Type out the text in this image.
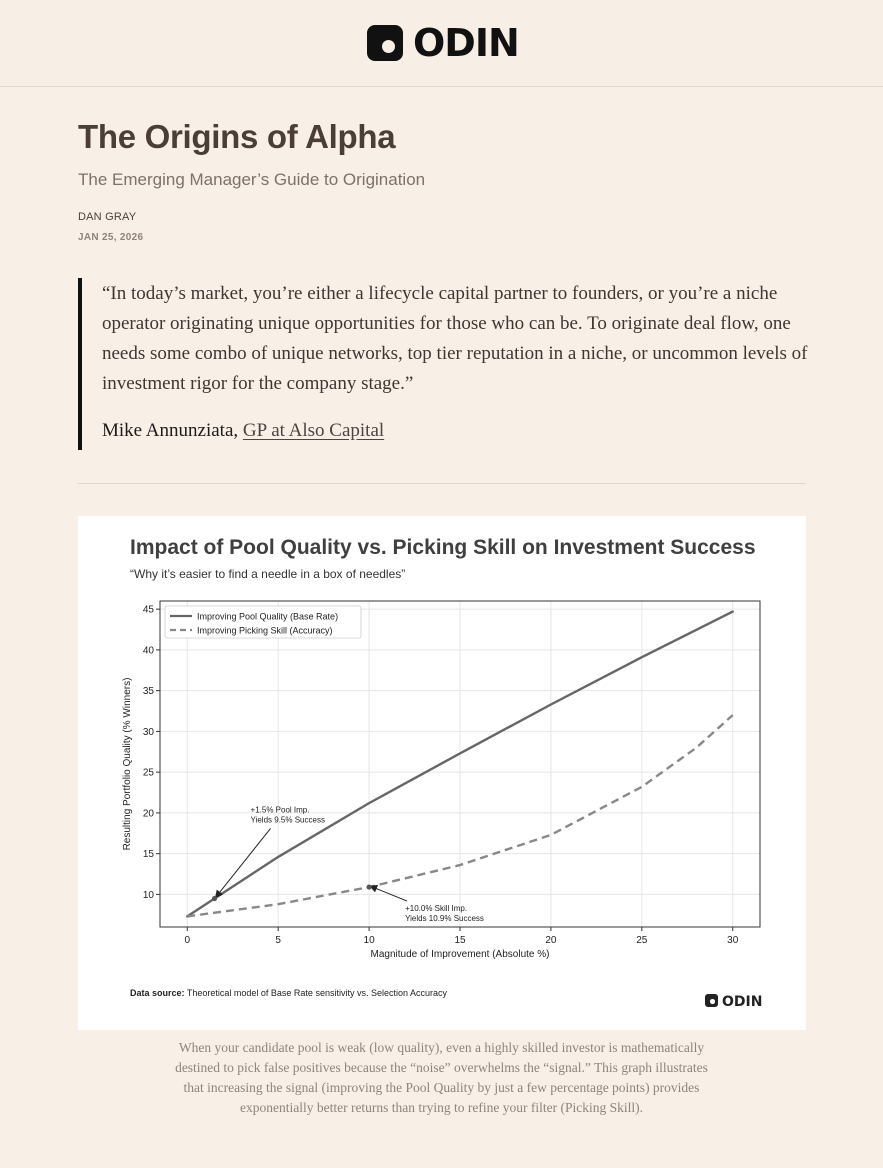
ODIN
The Origins of Alpha
The Emerging Manager’s Guide to Origination
DAN GRAY
JAN 25, 2026
“In today’s market, you’re either a lifecycle capital partner to founders, or you’re a niche operator originating unique opportunities for those who can be. To originate deal flow, one needs some combo of unique networks, top tier reputation in a niche, or uncommon levels of investment rigor for the company stage.”
Mike Annunziata, GP at Also Capital
Impact of Pool Quality vs. Picking Skill on Investment Success
“Why it’s easier to find a needle in a box of needles”
0	5	10	15	20	25	30
10
15
20
25
30
35
40
45
Magnitude of Improvement (Absolute %)
Resulting Portfolio Quality (% Winners)
Improving Pool Quality (Base Rate)
Improving Picking Skill (Accuracy)
+1.5% Pool Imp.
Yields 9.5% Success
+10.0% Skill Imp.
Yields 10.9% Success
Data source: Theoretical model of Base Rate sensitivity vs. Selection Accuracy
ODIN
When your candidate pool is weak (low quality), even a highly skilled investor is mathematically destined to pick false positives because the “noise” overwhelms the “signal.” This graph illustrates that increasing the signal (improving the Pool Quality by just a few percentage points) provides exponentially better returns than trying to refine your filter (Picking Skill).
